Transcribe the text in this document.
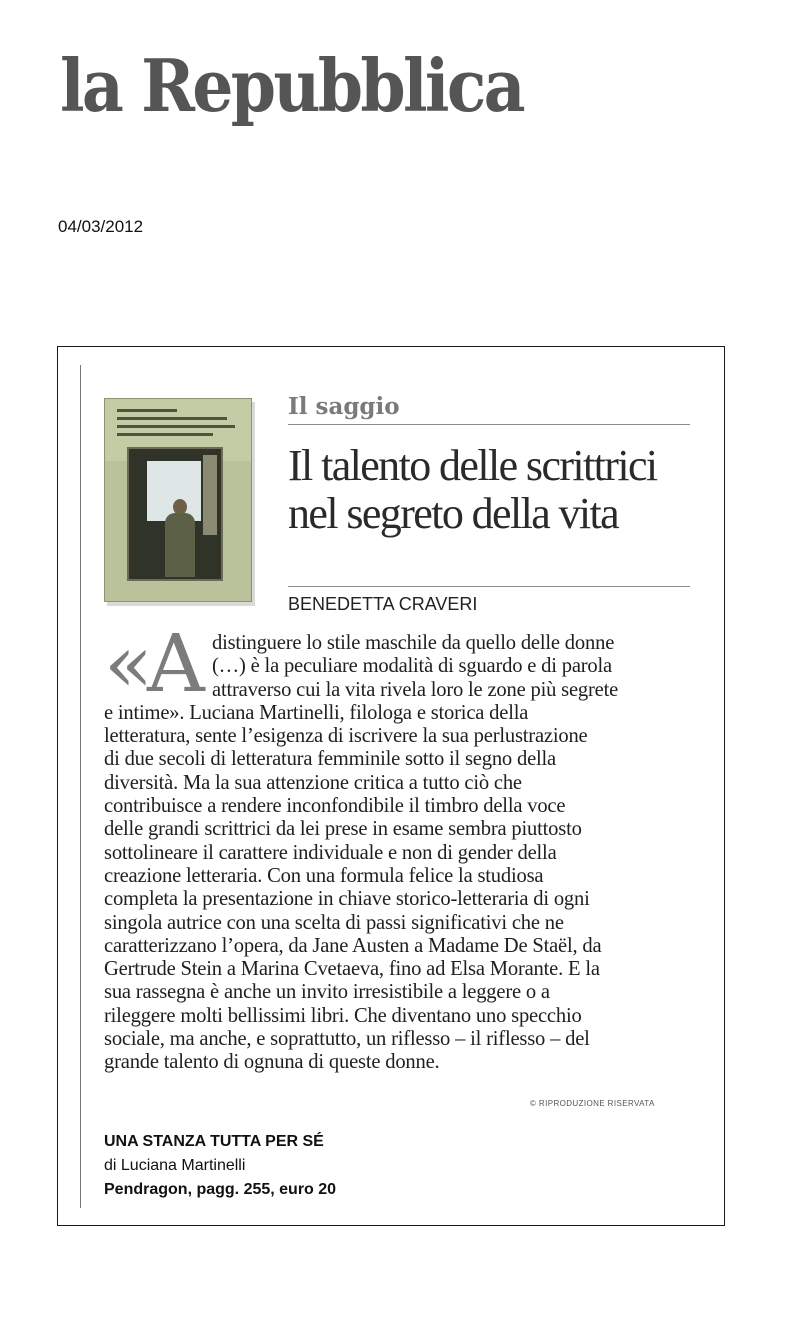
la Repubblica
04/03/2012
Il saggio
Il talento delle scrittrici nel segreto della vita
BENEDETTA CRAVERI
«A distinguere lo stile maschile da quello delle donne
(…) è la peculiare modalità di sguardo e di parola
attraverso cui la vita rivela loro le zone più segrete
e intime». Luciana Martinelli, filologa e storica della
letteratura, sente l’esigenza di iscrivere la sua perlustrazione
di due secoli di letteratura femminile sotto il segno della
diversità. Ma la sua attenzione critica a tutto ciò che
contribuisce a rendere inconfondibile il timbro della voce
delle grandi scrittrici da lei prese in esame sembra piuttosto
sottolineare il carattere individuale e non di gender della
creazione letteraria. Con una formula felice la studiosa
completa la presentazione in chiave storico-letteraria di ogni
singola autrice con una scelta di passi significativi che ne
caratterizzano l’opera, da Jane Austen a Madame De Staël, da
Gertrude Stein a Marina Cvetaeva, fino ad Elsa Morante. E la
sua rassegna è anche un invito irresistibile a leggere o a
rileggere molti bellissimi libri. Che diventano uno specchio
sociale, ma anche, e soprattutto, un riflesso – il riflesso – del
grande talento di ognuna di queste donne.
© RIPRODUZIONE RISERVATA
UNA STANZA TUTTA PER SÉ
di Luciana Martinelli
Pendragon, pagg. 255, euro 20
